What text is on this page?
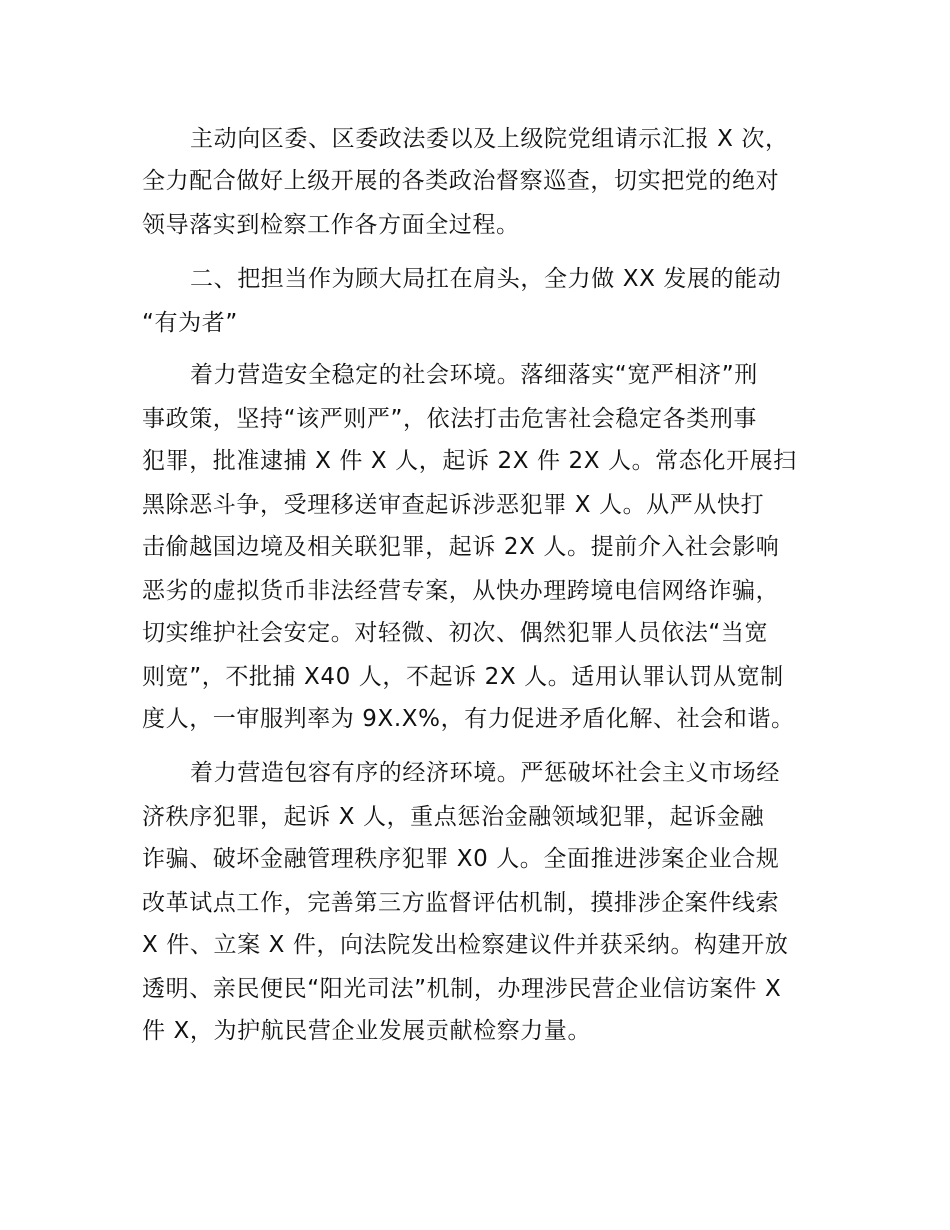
主动向区委、区委政法委以及上级院党组请示汇报 X 次，
全力配合做好上级开展的各类政治督察巡查，切实把党的绝对
领导落实到检察工作各方面全过程。
二、把担当作为顾大局扛在肩头，全力做 XX 发展的能动
“有为者”
着力营造安全稳定的社会环境。落细落实“宽严相济”刑
事政策，坚持“该严则严”，依法打击危害社会稳定各类刑事
犯罪，批准逮捕 X 件 X 人，起诉 2X 件 2X 人。常态化开展扫
黑除恶斗争，受理移送审查起诉涉恶犯罪 X 人。从严从快打
击偷越国边境及相关联犯罪，起诉 2X 人。提前介入社会影响
恶劣的虚拟货币非法经营专案，从快办理跨境电信网络诈骗，
切实维护社会安定。对轻微、初次、偶然犯罪人员依法“当宽
则宽”，不批捕 X40 人，不起诉 2X 人。适用认罪认罚从宽制
度人，一审服判率为 9X.X%，有力促进矛盾化解、社会和谐。
着力营造包容有序的经济环境。严惩破坏社会主义市场经
济秩序犯罪，起诉 X 人，重点惩治金融领域犯罪，起诉金融
诈骗、破坏金融管理秩序犯罪 X0 人。全面推进涉案企业合规
改革试点工作，完善第三方监督评估机制，摸排涉企案件线索
X 件、立案 X 件，向法院发出检察建议件并获采纳。构建开放
透明、亲民便民“阳光司法”机制，办理涉民营企业信访案件 X
件 X，为护航民营企业发展贡献检察力量。
